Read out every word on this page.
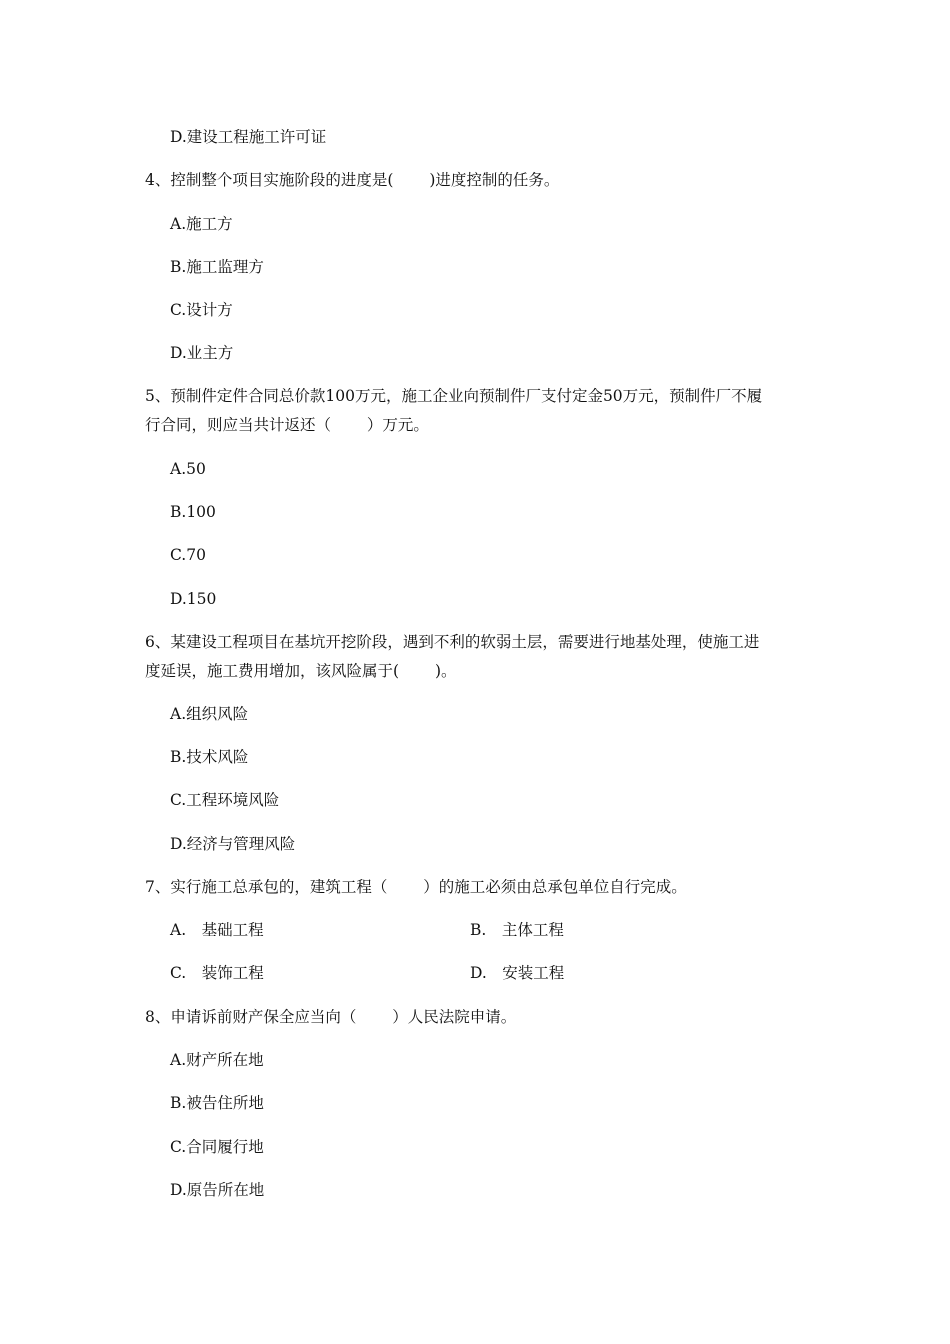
D.建设工程施工许可证
4、控制整个项目实施阶段的进度是(　　 )进度控制的任务。
A.施工方
B.施工监理方
C.设计方
D.业主方
5、预制件定件合同总价款100万元，施工企业向预制件厂支付定金50万元，预制件厂不履
行合同，则应当共计返还（　　 ）万元。
A.50
B.100
C.70
D.150
6、某建设工程项目在基坑开挖阶段，遇到不利的软弱土层，需要进行地基处理，使施工进
度延误，施工费用增加，该风险属于(　　 )。
A.组织风险
B.技术风险
C.工程环境风险
D.经济与管理风险
7、实行施工总承包的，建筑工程（　　 ）的施工必须由总承包单位自行完成。
A.　基础工程	B.　主体工程
C.　装饰工程	D.　安装工程
8、申请诉前财产保全应当向（　　 ）人民法院申请。
A.财产所在地
B.被告住所地
C.合同履行地
D.原告所在地
